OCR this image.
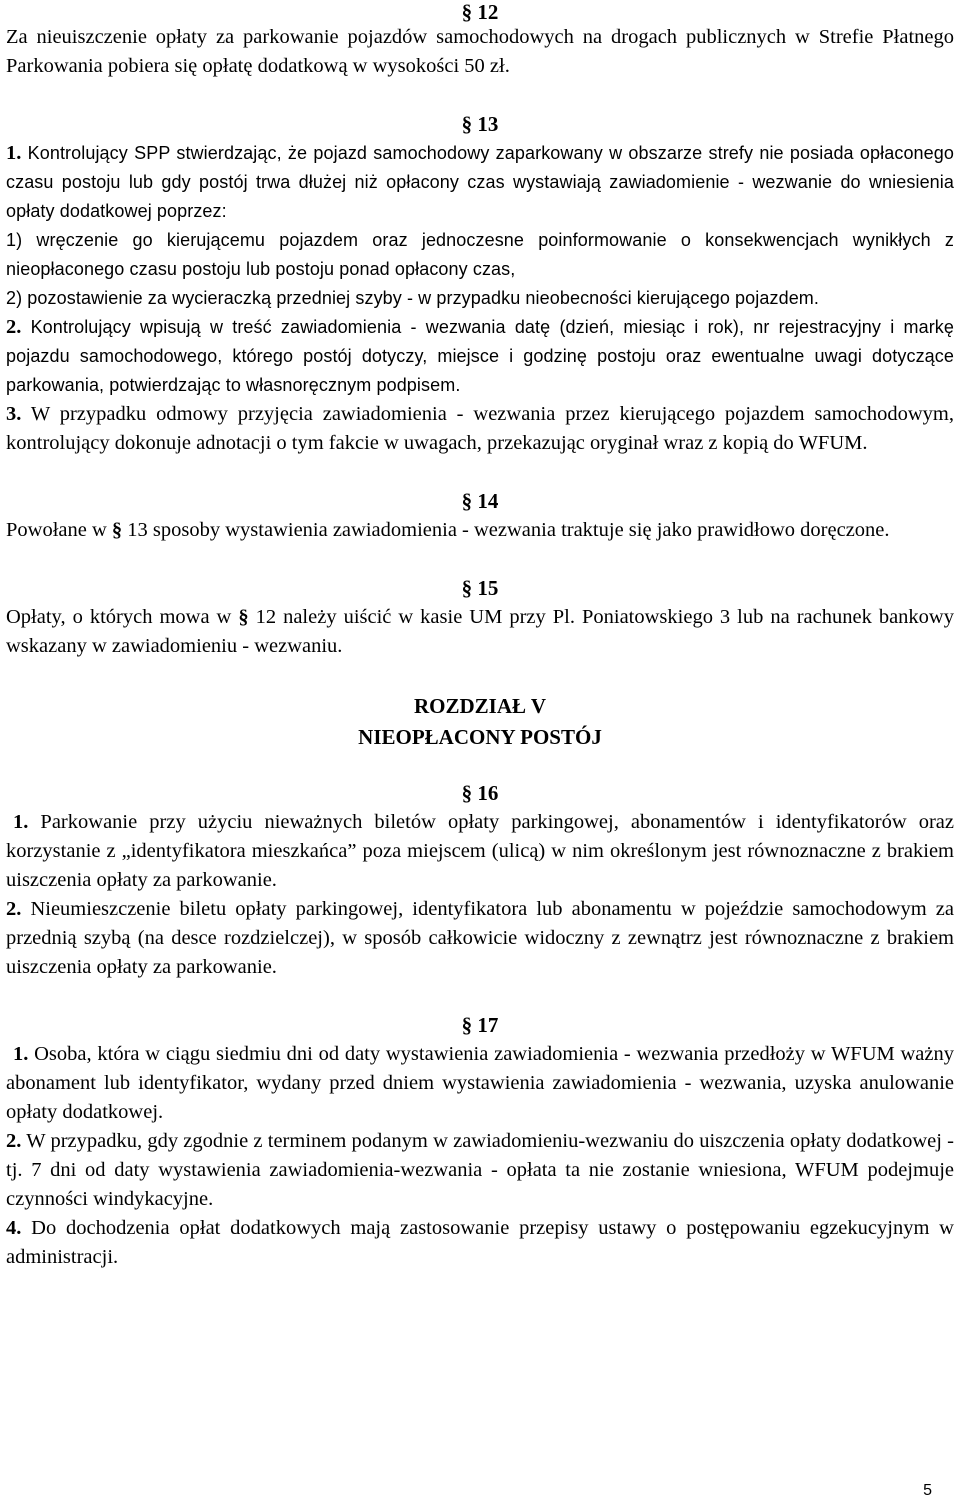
§ 12

Za nieuiszczenie opłaty za parkowanie pojazdów samochodowych na drogach publicznych w Strefie Płatnego Parkowania pobiera się opłatę dodatkową w wysokości 50 zł.

§ 13

1. Kontrolujący SPP stwierdzając, że pojazd samochodowy zaparkowany w obszarze strefy nie posiada opłaconego czasu postoju lub gdy postój trwa dłużej niż opłacony czas wystawiają zawiadomienie - wezwanie do wniesienia opłaty dodatkowej poprzez:

1) wręczenie go kierującemu pojazdem oraz jednoczesne poinformowanie o konsekwencjach wynikłych z nieopłaconego czasu postoju lub postoju ponad opłacony czas,

2) pozostawienie za wycieraczką przedniej szyby - w przypadku nieobecności kierującego pojazdem.

2. Kontrolujący wpisują w treść zawiadomienia - wezwania datę (dzień, miesiąc i rok), nr rejestracyjny i markę pojazdu samochodowego, którego postój dotyczy, miejsce i godzinę postoju oraz ewentualne uwagi dotyczące parkowania, potwierdzając to własnoręcznym podpisem.

3. W przypadku odmowy przyjęcia zawiadomienia - wezwania przez kierującego pojazdem samochodowym, kontrolujący dokonuje adnotacji o tym fakcie w uwagach, przekazując oryginał wraz z kopią do WFUM.

§ 14

Powołane w § 13 sposoby wystawienia zawiadomienia - wezwania traktuje się jako prawidłowo doręczone.

§ 15

Opłaty, o których mowa w § 12 należy uiścić w kasie UM przy Pl. Poniatowskiego 3 lub na rachunek bankowy wskazany w zawiadomieniu - wezwaniu.

ROZDZIAŁ V
NIEOPŁACONY POSTÓJ
§ 16

1. Parkowanie przy użyciu nieważnych biletów opłaty parkingowej, abonamentów i identyfikatorów oraz korzystanie z „identyfikatora mieszkańca” poza miejscem (ulicą) w nim określonym jest równoznaczne z brakiem uiszczenia opłaty za parkowanie.

2. Nieumieszczenie biletu opłaty parkingowej, identyfikatora lub abonamentu w pojeździe samochodowym za przednią szybą (na desce rozdzielczej), w sposób całkowicie widoczny z zewnątrz jest równoznaczne z brakiem uiszczenia opłaty za parkowanie.

§ 17

1. Osoba, która w ciągu siedmiu dni od daty wystawienia zawiadomienia - wezwania przedłoży w WFUM ważny abonament lub identyfikator, wydany przed dniem wystawienia zawiadomienia - wezwania, uzyska anulowanie opłaty dodatkowej.

2. W przypadku, gdy zgodnie z terminem podanym w zawiadomieniu-wezwaniu do uiszczenia opłaty dodatkowej - tj. 7 dni od daty wystawienia zawiadomienia-wezwania - opłata ta nie zostanie wniesiona, WFUM podejmuje czynności windykacyjne.

4. Do dochodzenia opłat dodatkowych mają zastosowanie przepisy ustawy o postępowaniu egzekucyjnym w administracji.

5
